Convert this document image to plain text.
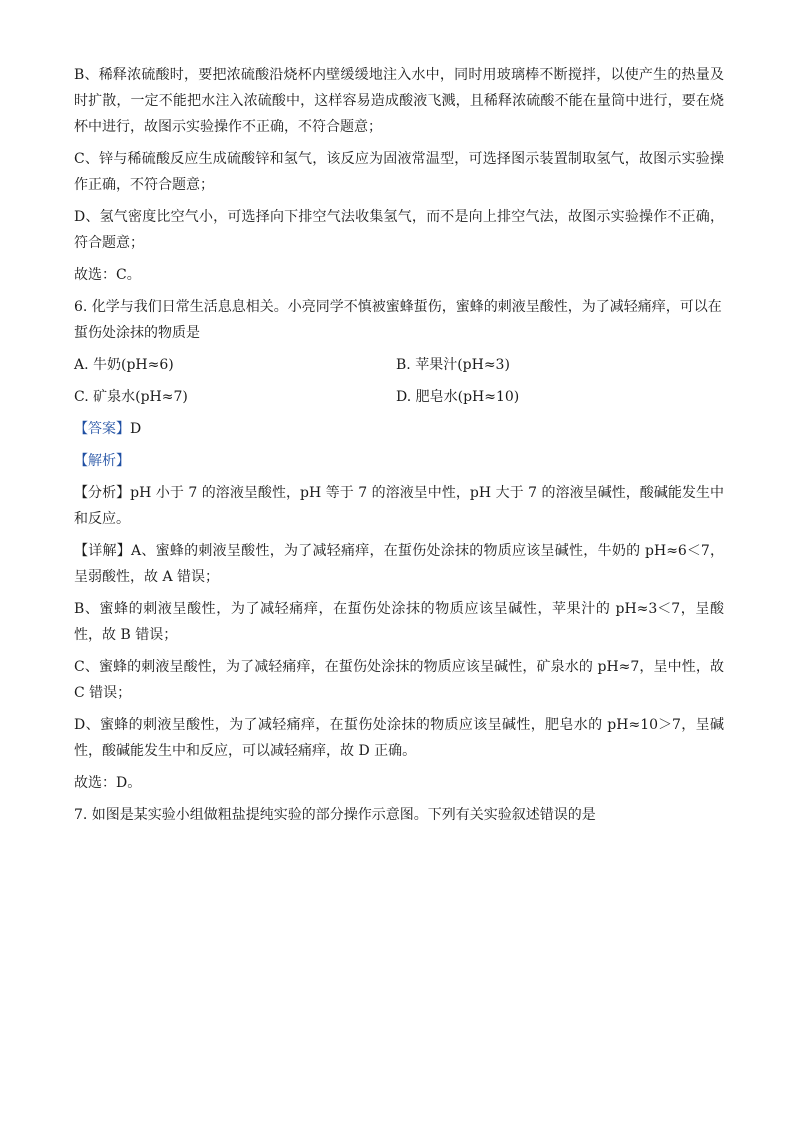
B、稀释浓硫酸时，要把浓硫酸沿烧杯内壁缓缓地注入水中，同时用玻璃棒不断搅拌，以使产生的热量及时扩散，一定不能把水注入浓硫酸中，这样容易造成酸液飞溅，且稀释浓硫酸不能在量筒中进行，要在烧杯中进行，故图示实验操作不正确，不符合题意；

C、锌与稀硫酸反应生成硫酸锌和氢气，该反应为固液常温型，可选择图示装置制取氢气，故图示实验操作正确，不符合题意；

D、氢气密度比空气小，可选择向下排空气法收集氢气，而不是向上排空气法，故图示实验操作不正确，符合题意；

故选：C。

6. 化学与我们日常生活息息相关。小亮同学不慎被蜜蜂蜇伤，蜜蜂的刺液呈酸性，为了减轻痛痒，可以在蜇伤处涂抹的物质是

A. 牛奶(pH≈6)	B. 苹果汁(pH≈3)
C. 矿泉水(pH≈7)	D. 肥皂水(pH≈10)

【答案】D

【解析】

【分析】pH 小于 7 的溶液呈酸性，pH 等于 7 的溶液呈中性，pH 大于 7 的溶液呈碱性，酸碱能发生中和反应。

【详解】A、蜜蜂的刺液呈酸性，为了减轻痛痒，在蜇伤处涂抹的物质应该呈碱性，牛奶的 pH≈6＜7，呈弱酸性，故 A 错误；

B、蜜蜂的刺液呈酸性，为了减轻痛痒，在蜇伤处涂抹的物质应该呈碱性，苹果汁的 pH≈3＜7，呈酸性，故 B 错误；

C、蜜蜂的刺液呈酸性，为了减轻痛痒，在蜇伤处涂抹的物质应该呈碱性，矿泉水的 pH≈7，呈中性，故 C 错误；

D、蜜蜂的刺液呈酸性，为了减轻痛痒，在蜇伤处涂抹的物质应该呈碱性，肥皂水的 pH≈10＞7，呈碱性，酸碱能发生中和反应，可以减轻痛痒，故 D 正确。

故选：D。

7. 如图是某实验小组做粗盐提纯实验的部分操作示意图。下列有关实验叙述错误的是
